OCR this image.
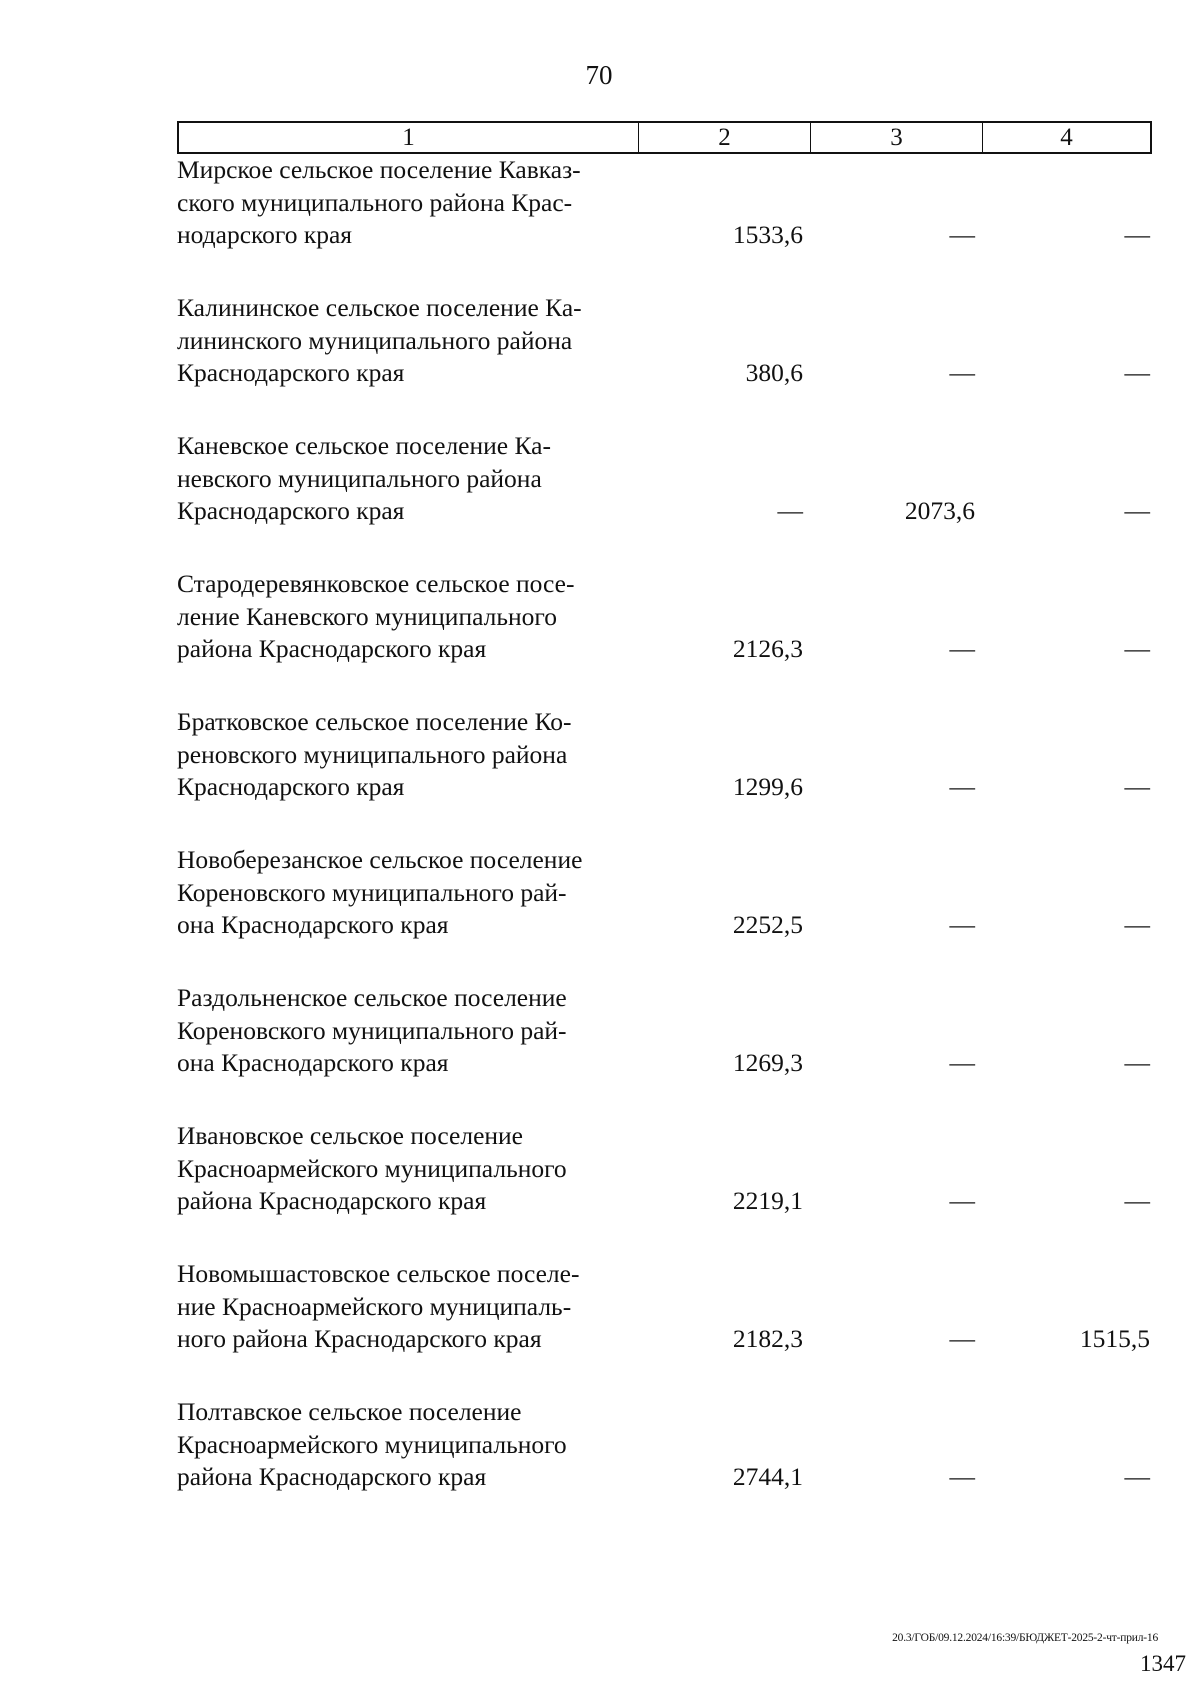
70
1	2	3	4
Мирское сельское поселение Кавказ-
ского муниципального района Крас-
нодарского края	1533,6	—	—
Калининское сельское поселение Ка-
лининского муниципального района
Краснодарского края	380,6	—	—
Каневское сельское поселение Ка-
невского муниципального района
Краснодарского края	—	2073,6	—
Стародеревянковское сельское посе-
ление Каневского муниципального
района Краснодарского края	2126,3	—	—
Братковское сельское поселение Ко-
реновского муниципального района
Краснодарского края	1299,6	—	—
Новоберезанское сельское поселение
Кореновского муниципального рай-
она Краснодарского края	2252,5	—	—
Раздольненское сельское поселение
Кореновского муниципального рай-
она Краснодарского края	1269,3	—	—
Ивановское сельское поселение
Красноармейского муниципального
района Краснодарского края	2219,1	—	—
Новомышастовское сельское поселе-
ние Красноармейского муниципаль-
ного района Краснодарского края	2182,3	—	1515,5
Полтавское сельское поселение
Красноармейского муниципального
района Краснодарского края	2744,1	—	—
20.3/ГОБ/09.12.2024/16:39/БЮДЖЕТ-2025-2-чт-прил-16
1347
